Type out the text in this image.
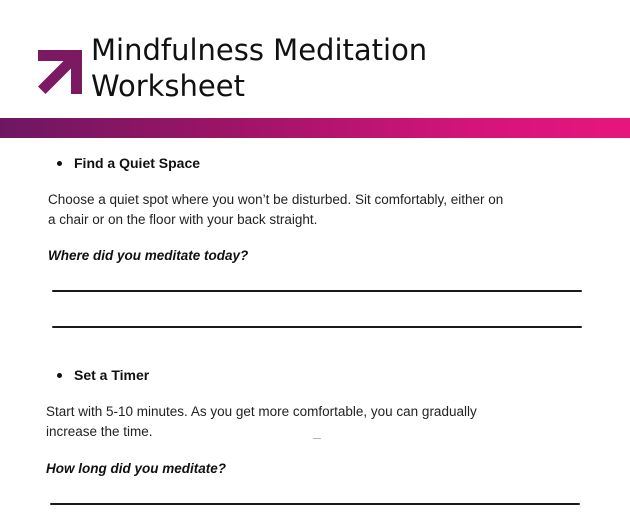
Mindfulness Meditation
Worksheet
Find a Quiet Space

Choose a quiet spot where you won’t be disturbed. Sit comfortably, either on
a chair or on the floor with your back straight.

Where did you meditate today?

Set a Timer

Start with 5-10 minutes. As you get more comfortable, you can gradually
increase the time.

How long did you meditate?
